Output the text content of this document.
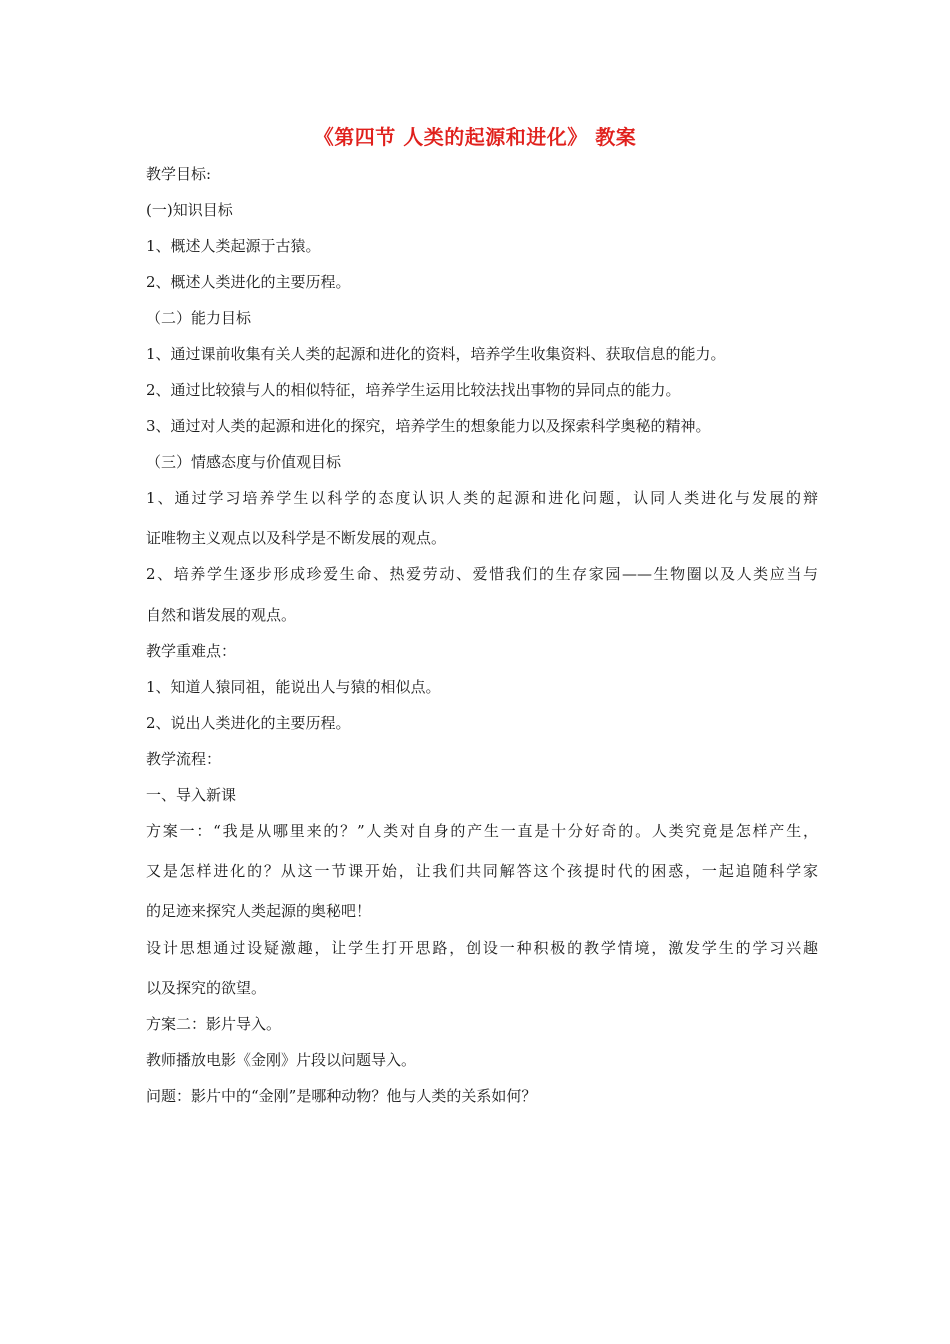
《第四节 人类的起源和进化》 教案
教学目标:
(一)知识目标
1、概述人类起源于古猿。
2、概述人类进化的主要历程。
（二）能力目标
1、通过课前收集有关人类的起源和进化的资料，培养学生收集资料、获取信息的能力。
2、通过比较猿与人的相似特征，培养学生运用比较法找出事物的异同点的能力。
3、通过对人类的起源和进化的探究，培养学生的想象能力以及探索科学奥秘的精神。
（三）情感态度与价值观目标
1、通过学习培养学生以科学的态度认识人类的起源和进化问题，认同人类进化与发展的辩
证唯物主义观点以及科学是不断发展的观点。
2、培养学生逐步形成珍爱生命、热爱劳动、爱惜我们的生存家园——生物圈以及人类应当与
自然和谐发展的观点。
教学重难点：
1、知道人猿同祖，能说出人与猿的相似点。
2、说出人类进化的主要历程。
教学流程：
一、导入新课
方案一：“我是从哪里来的？”人类对自身的产生一直是十分好奇的。人类究竟是怎样产生，
又是怎样进化的？从这一节课开始，让我们共同解答这个孩提时代的困惑，一起追随科学家
的足迹来探究人类起源的奥秘吧！
设计思想通过设疑激趣，让学生打开思路，创设一种积极的教学情境，激发学生的学习兴趣
以及探究的欲望。
方案二：影片导入。
教师播放电影《金刚》片段以问题导入。
问题：影片中的“金刚”是哪种动物？他与人类的关系如何？
